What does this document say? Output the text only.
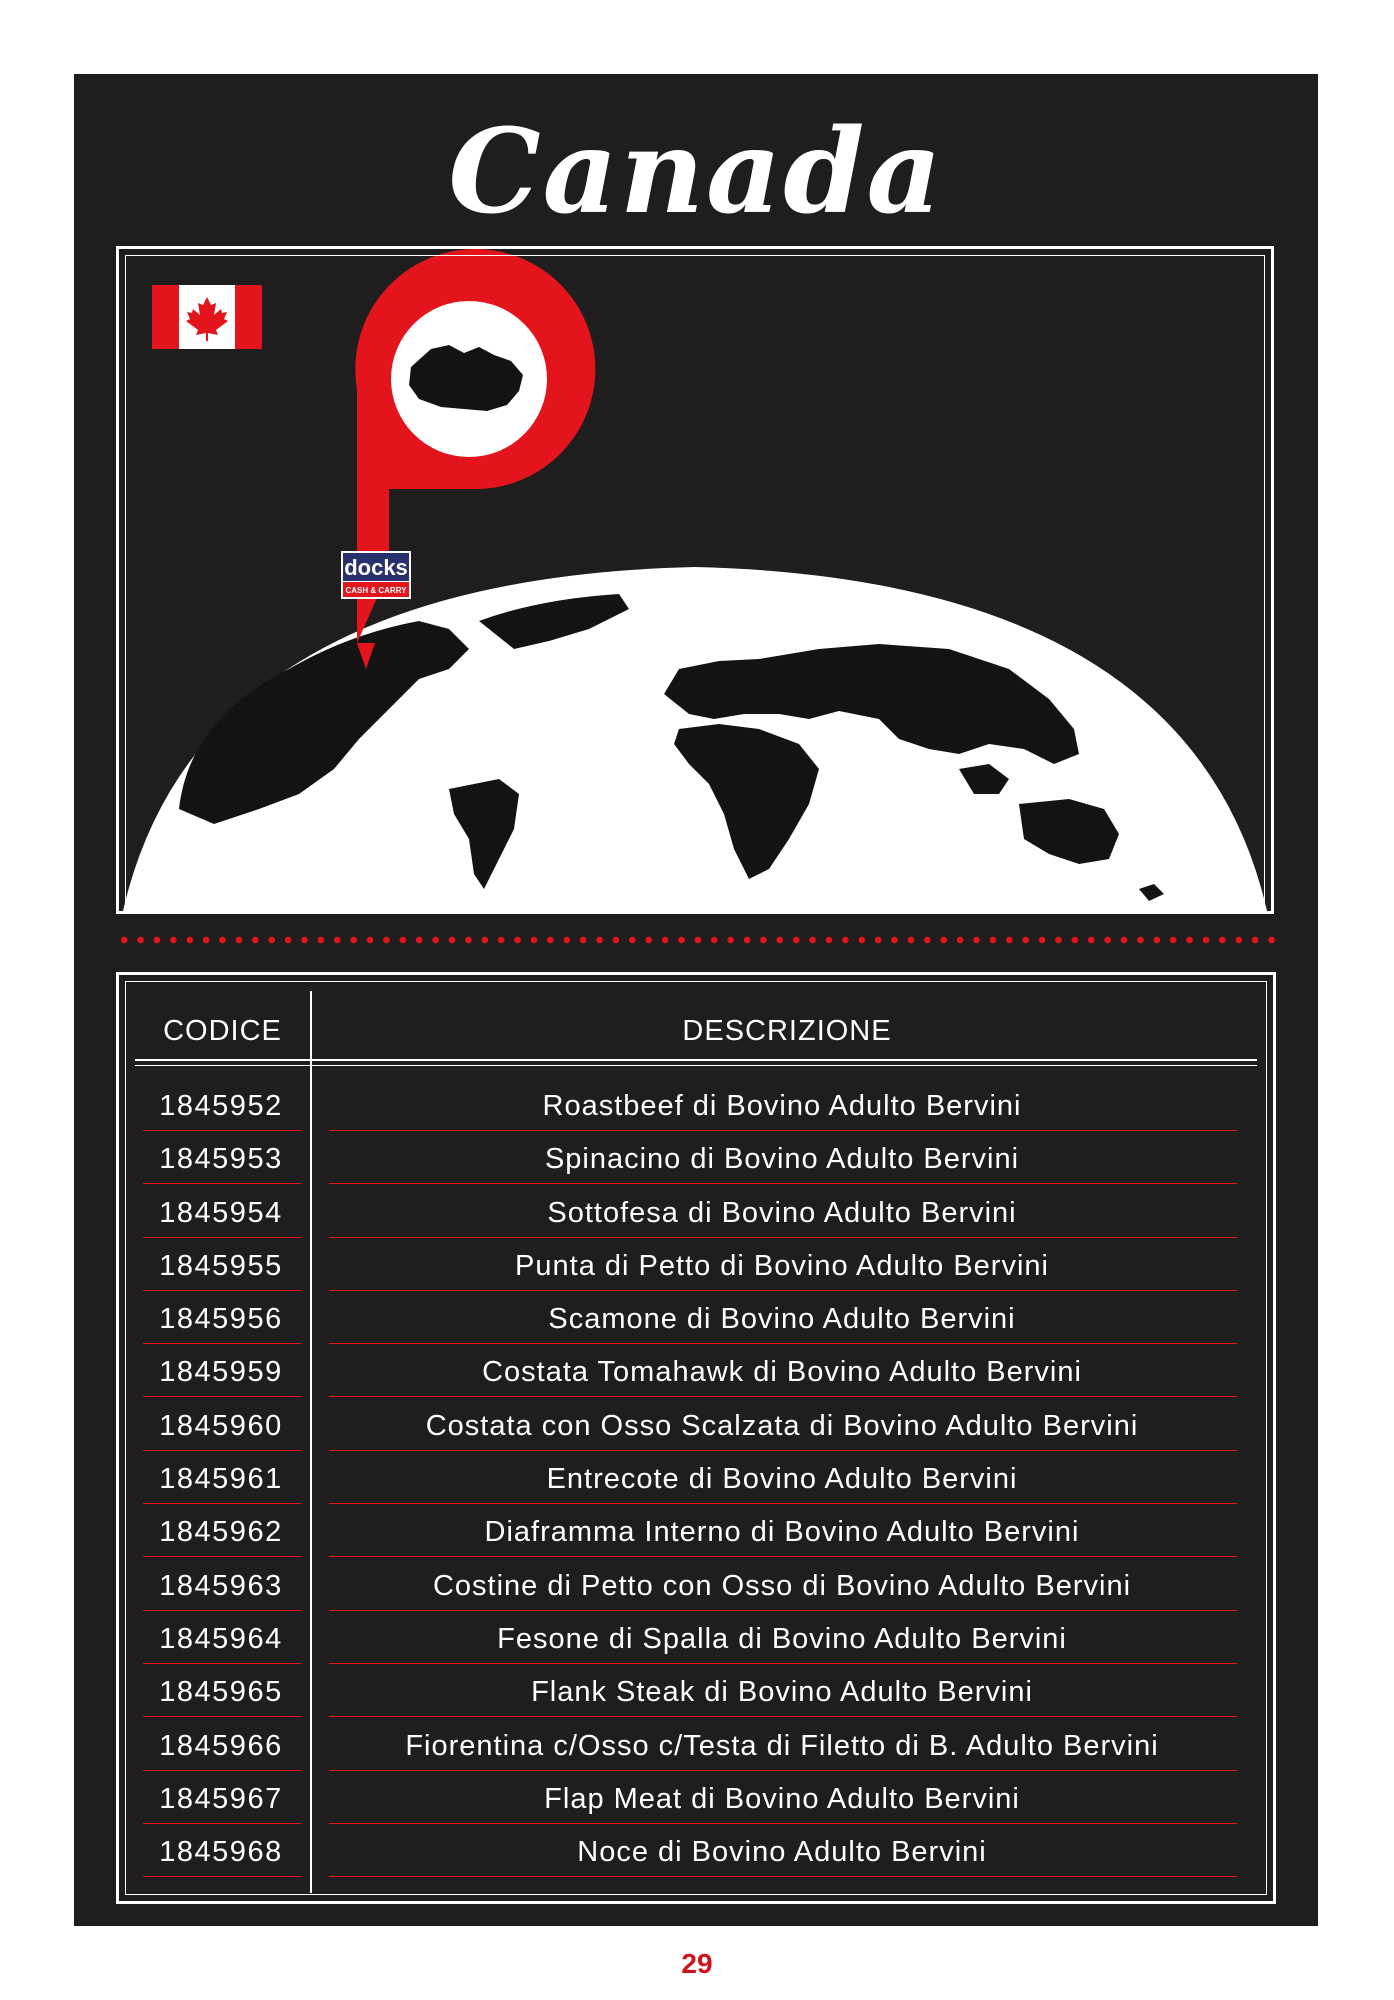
Canada
docks
CASH & CARRY
CODICE	DESCRIZIONE
1845952	Roastbeef di Bovino Adulto Bervini
1845953	Spinacino di Bovino Adulto Bervini
1845954	Sottofesa di Bovino Adulto Bervini
1845955	Punta di Petto di Bovino Adulto Bervini
1845956	Scamone di Bovino Adulto Bervini
1845959	Costata Tomahawk di Bovino Adulto Bervini
1845960	Costata con Osso Scalzata di Bovino Adulto Bervini
1845961	Entrecote di Bovino Adulto Bervini
1845962	Diaframma Interno di Bovino Adulto Bervini
1845963	Costine di Petto con Osso di Bovino Adulto Bervini
1845964	Fesone di Spalla di Bovino Adulto Bervini
1845965	Flank Steak di Bovino Adulto Bervini
1845966	Fiorentina c/Osso c/Testa di Filetto di B. Adulto Bervini
1845967	Flap Meat di Bovino Adulto Bervini
1845968	Noce di Bovino Adulto Bervini
29
